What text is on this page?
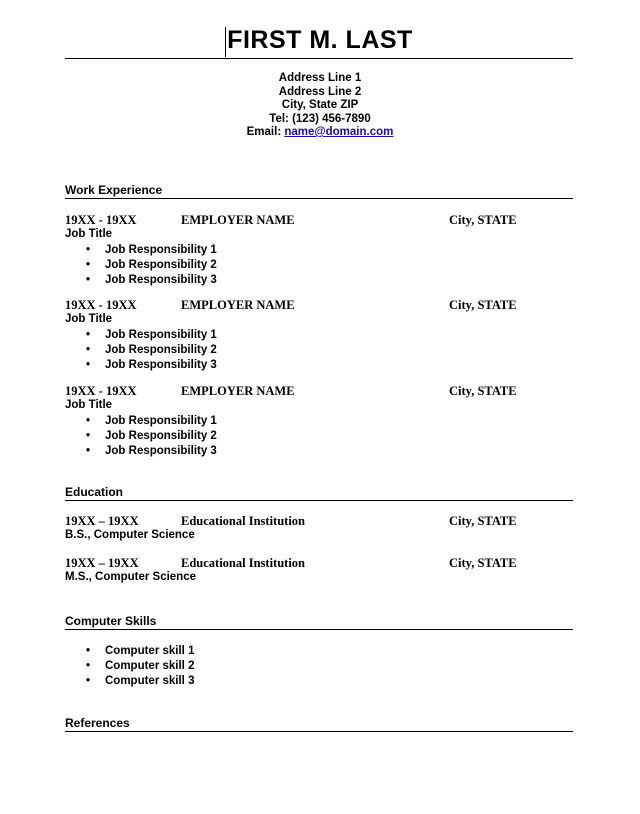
FIRST M. LAST
Address Line 1
Address Line 2
City, State ZIP
Tel: (123) 456-7890
Email: name@domain.com
Work Experience
19XX - 19XX	EMPLOYER NAME	City, STATE
Job Title
• Job Responsibility 1
• Job Responsibility 2
• Job Responsibility 3
19XX - 19XX	EMPLOYER NAME	City, STATE
Job Title
• Job Responsibility 1
• Job Responsibility 2
• Job Responsibility 3
19XX - 19XX	EMPLOYER NAME	City, STATE
Job Title
• Job Responsibility 1
• Job Responsibility 2
• Job Responsibility 3
Education
19XX – 19XX	Educational Institution	City, STATE
B.S., Computer Science
19XX – 19XX	Educational Institution	City, STATE
M.S., Computer Science
Computer Skills
• Computer skill 1
• Computer skill 2
• Computer skill 3
References
